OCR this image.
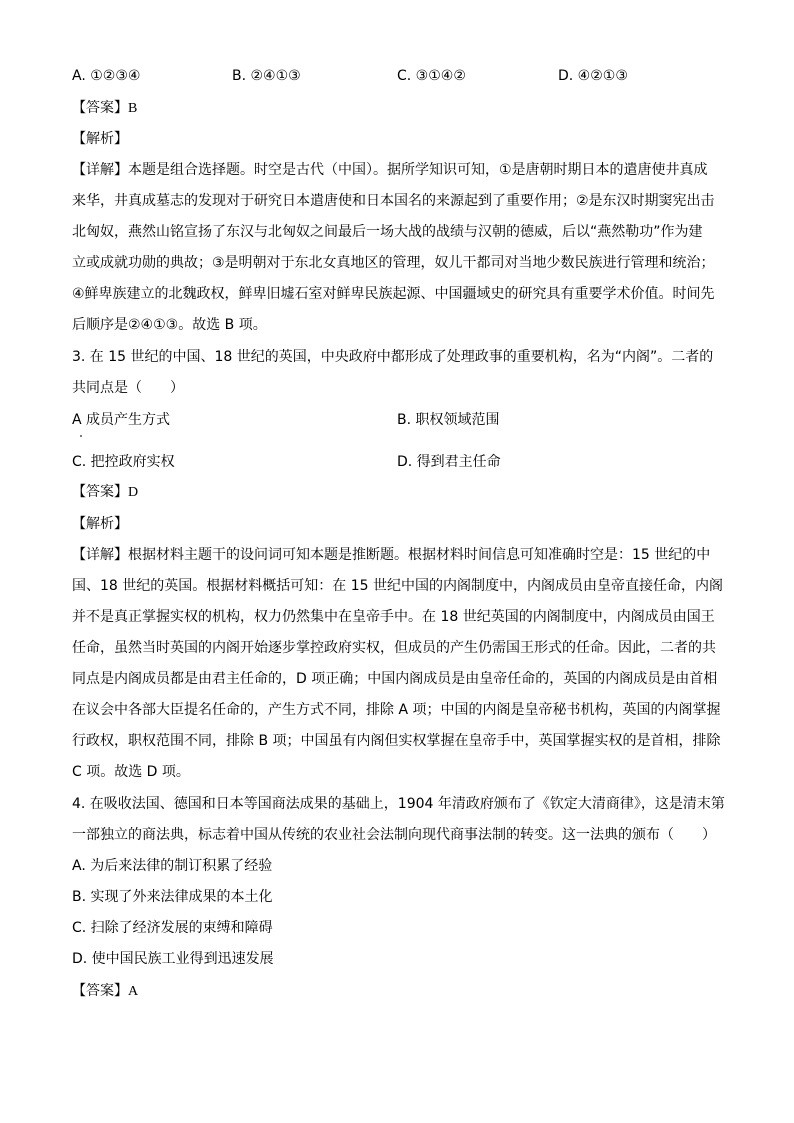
A. ①②③④	B. ②④①③	C. ③①④②	D. ④②①③
【答案】B
【解析】
【详解】本题是组合选择题。时空是古代（中国）。据所学知识可知，①是唐朝时期日本的遣唐使井真成
来华，井真成墓志的发现对于研究日本遣唐使和日本国名的来源起到了重要作用；②是东汉时期窦宪出击
北匈奴，燕然山铭宣扬了东汉与北匈奴之间最后一场大战的战绩与汉朝的德威，后以“燕然勒功”作为建
立或成就功勋的典故；③是明朝对于东北女真地区的管理，奴儿干都司对当地少数民族进行管理和统治；
④鲜卑族建立的北魏政权，鲜卑旧墟石室对鲜卑民族起源、中国疆域史的研究具有重要学术价值。时间先
后顺序是②④①③。故选 B 项。
3. 在 15 世纪的中国、18 世纪的英国，中央政府中都形成了处理政事的重要机构，名为“内阁”。二者的
共同点是（　　）
A 成员产生方式	B. 职权领域范围
C. 把控政府实权	D. 得到君主任命
【答案】D
【解析】
【详解】根据材料主题干的设问词可知本题是推断题。根据材料时间信息可知准确时空是：15 世纪的中
国、18 世纪的英国。根据材料概括可知：在 15 世纪中国的内阁制度中，内阁成员由皇帝直接任命，内阁
并不是真正掌握实权的机构，权力仍然集中在皇帝手中。在 18 世纪英国的内阁制度中，内阁成员由国王
任命，虽然当时英国的内阁开始逐步掌控政府实权，但成员的产生仍需国王形式的任命。因此，二者的共
同点是内阁成员都是由君主任命的，D 项正确；中国内阁成员是由皇帝任命的，英国的内阁成员是由首相
在议会中各部大臣提名任命的，产生方式不同，排除 A 项；中国的内阁是皇帝秘书机构，英国的内阁掌握
行政权，职权范围不同，排除 B 项；中国虽有内阁但实权掌握在皇帝手中，英国掌握实权的是首相，排除
C 项。故选 D 项。
4. 在吸收法国、德国和日本等国商法成果的基础上，1904 年清政府颁布了《钦定大清商律》，这是清末第
一部独立的商法典，标志着中国从传统的农业社会法制向现代商事法制的转变。这一法典的颁布（　　）
A. 为后来法律的制订积累了经验
B. 实现了外来法律成果的本土化
C. 扫除了经济发展的束缚和障碍
D. 使中国民族工业得到迅速发展
【答案】A
